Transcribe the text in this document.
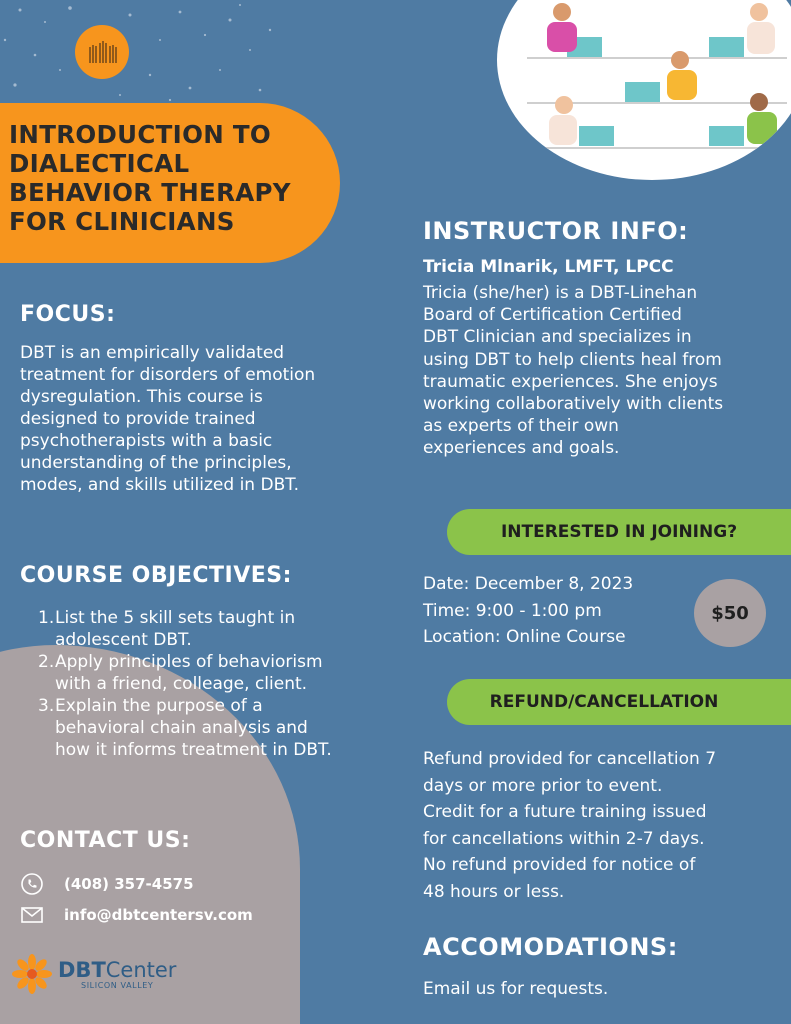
INTRODUCTION TO
DIALECTICAL
BEHAVIOR THERAPY
FOR CLINICIANS
FOCUS:
DBT is an empirically validated
treatment for disorders of emotion
dysregulation. This course is
designed to provide trained
psychotherapists with a basic
understanding of the principles,
modes, and skills utilized in DBT.
COURSE OBJECTIVES:
1. List the 5 skill sets taught in
adolescent DBT.
2. Apply principles of behaviorism
with a friend, colleage, client.
3. Explain the purpose of a
behavioral chain analysis and
how it informs treatment in DBT.
CONTACT US:
(408) 357-4575
info@dbtcentersv.com
DBTCenter
SILICON VALLEY
INSTRUCTOR INFO:
Tricia Mlnarik, LMFT, LPCC
Tricia (she/her) is a DBT-Linehan
Board of Certification Certified
DBT Clinician and specializes in
using DBT to help clients heal from
traumatic experiences. She enjoys
working collaboratively with clients
as experts of their own
experiences and goals.
INTERESTED IN JOINING?
Date: December 8, 2023
Time: 9:00 - 1:00 pm
Location: Online Course
$50
REFUND/CANCELLATION
Refund provided for cancellation 7
days or more prior to event.
Credit for a future training issued
for cancellations within 2-7 days.
No refund provided for notice of
48 hours or less.
ACCOMODATIONS:
Email us for requests.
